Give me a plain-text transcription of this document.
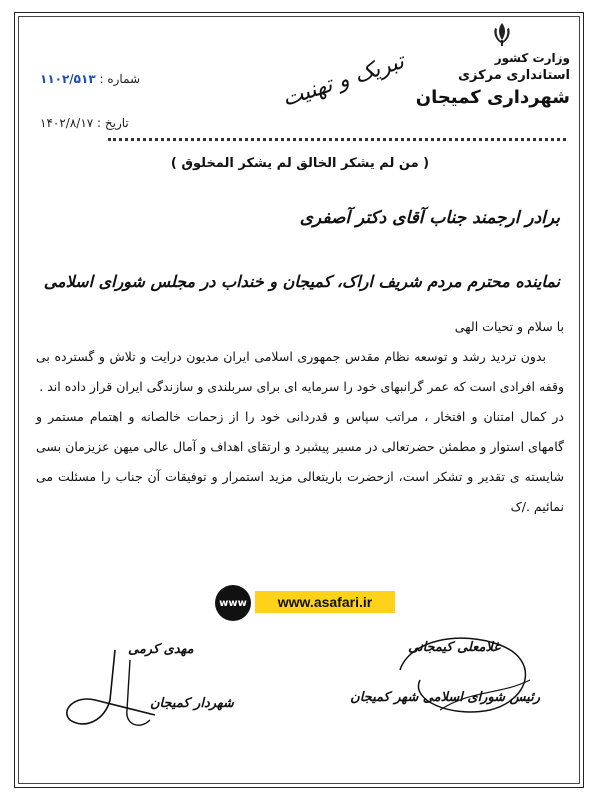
وزارت کشور
استانداری مرکزی
شهرداری کمیجان
شماره : ۱۱۰۲/۵۱۳
تاریخ : ۱۴۰۲/۸/۱۷
تبریک و تهنیت
( من لم یشکر الخالق لم یشکر المخلوق )
برادر ارجمند جناب آقای دکتر آصفری
نماینده محترم مردم شریف اراک، کمیجان و خنداب در مجلس شورای اسلامی

با سلام و تحیات الهی

بدون تردید رشد و توسعه نظام مقدس جمهوری اسلامی ایران مدیون درایت و تلاش و گسترده بی وقفه افرادی است که عمر گرانبهای خود را سرمایه ای برای سربلندی و سازندگی ایران قرار داده اند .

در کمال امتنان و افتخار ، مراتب سپاس و قدردانی خود را از زحمات خالصانه و اهتمام مستمر و گامهای استوار و مطمئن حضرتعالی در مسیر پیشبرد و ارتقای اهداف و آمال عالی میهن عزیزمان بسی شایسته ی تقدیر و تشکر است، ازحضرت باریتعالی مزید استمرار و توفیقات آن جناب را مسئلت می نمائیم ./ک

www	www.asafari.ir
غلامعلی کیمجانی
رئیس شورای اسلامی شهر کمیجان
مهدی کرمی
شهردار کمیجان
